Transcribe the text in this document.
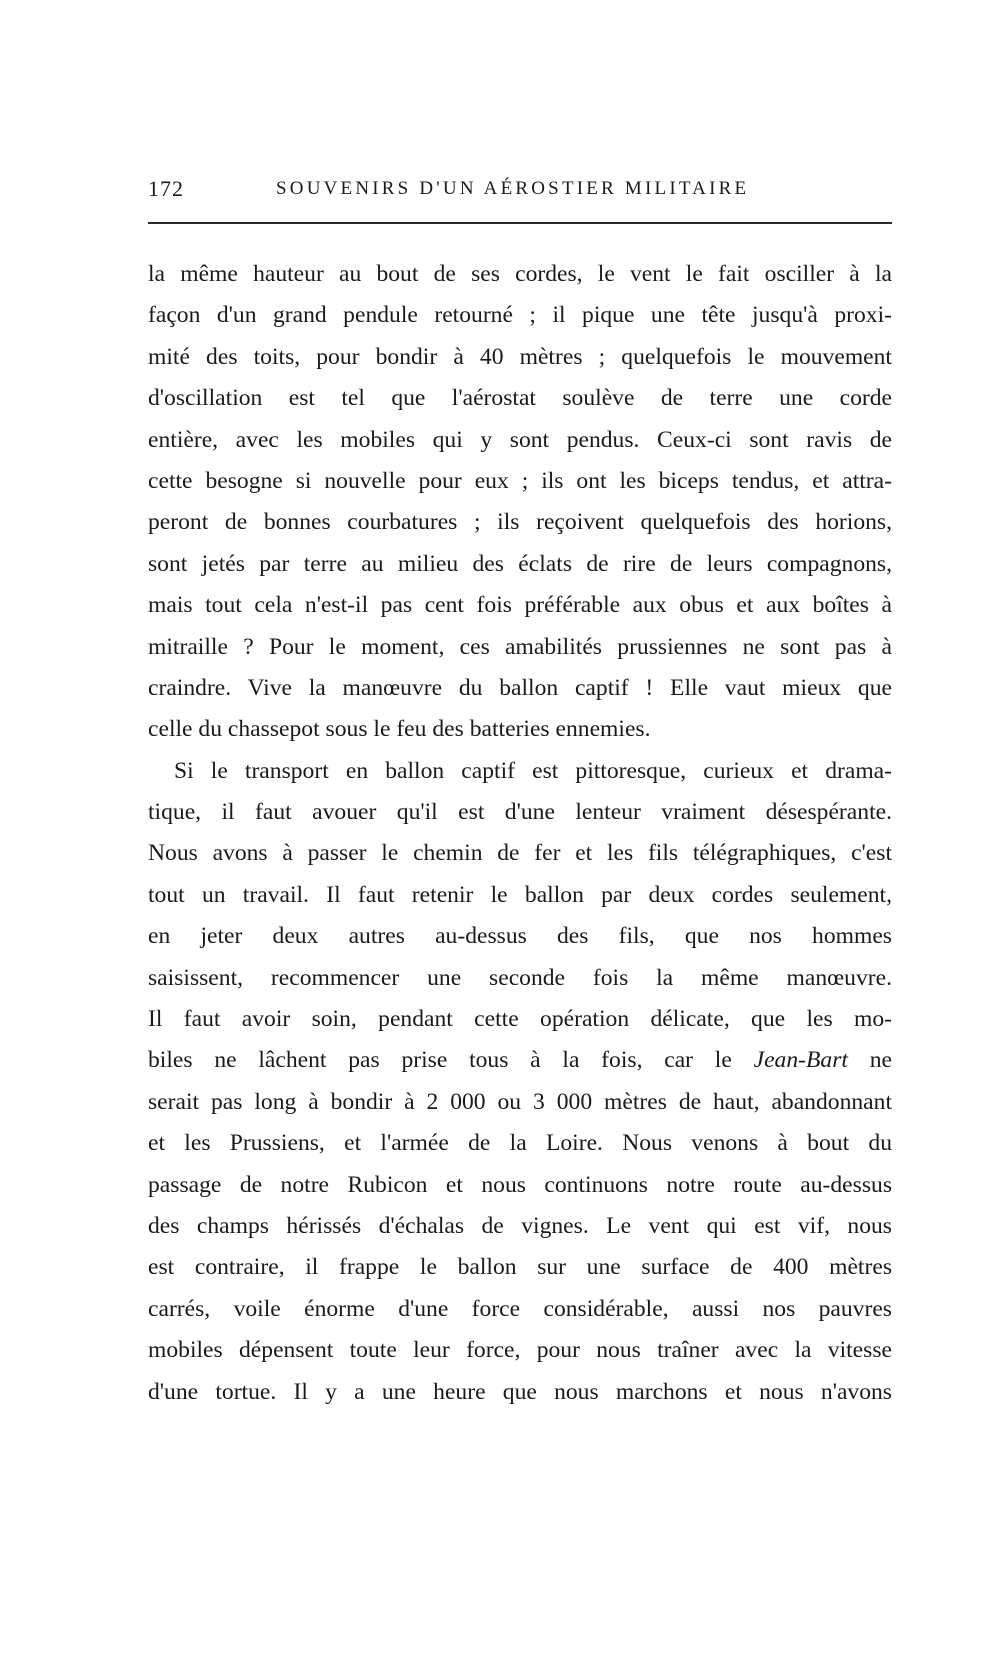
172	SOUVENIRS D'UN AÉROSTIER MILITAIRE
la même hauteur au bout de ses cordes, le vent le fait osciller à la
façon d'un grand pendule retourné ; il pique une tête jusqu'à proxi-
mité des toits, pour bondir à 40 mètres ; quelquefois le mouvement
d'oscillation est tel que l'aérostat soulève de terre une corde
entière, avec les mobiles qui y sont pendus. Ceux-ci sont ravis de
cette besogne si nouvelle pour eux ; ils ont les biceps tendus, et attra-
peront de bonnes courbatures ; ils reçoivent quelquefois des horions,
sont jetés par terre au milieu des éclats de rire de leurs compagnons,
mais tout cela n'est-il pas cent fois préférable aux obus et aux boîtes à
mitraille ? Pour le moment, ces amabilités prussiennes ne sont pas à
craindre. Vive la manœuvre du ballon captif ! Elle vaut mieux que
celle du chassepot sous le feu des batteries ennemies.
Si le transport en ballon captif est pittoresque, curieux et drama-
tique, il faut avouer qu'il est d'une lenteur vraiment désespérante.
Nous avons à passer le chemin de fer et les fils télégraphiques, c'est
tout un travail. Il faut retenir le ballon par deux cordes seulement,
en jeter deux autres au-dessus des fils, que nos hommes
saisissent, recommencer une seconde fois la même manœuvre.
Il faut avoir soin, pendant cette opération délicate, que les mo-
biles ne lâchent pas prise tous à la fois, car le Jean-Bart ne
serait pas long à bondir à 2 000 ou 3 000 mètres de haut, abandonnant
et les Prussiens, et l'armée de la Loire. Nous venons à bout du
passage de notre Rubicon et nous continuons notre route au-dessus
des champs hérissés d'échalas de vignes. Le vent qui est vif, nous
est contraire, il frappe le ballon sur une surface de 400 mètres
carrés, voile énorme d'une force considérable, aussi nos pauvres
mobiles dépensent toute leur force, pour nous traîner avec la vitesse
d'une tortue. Il y a une heure que nous marchons et nous n'avons
